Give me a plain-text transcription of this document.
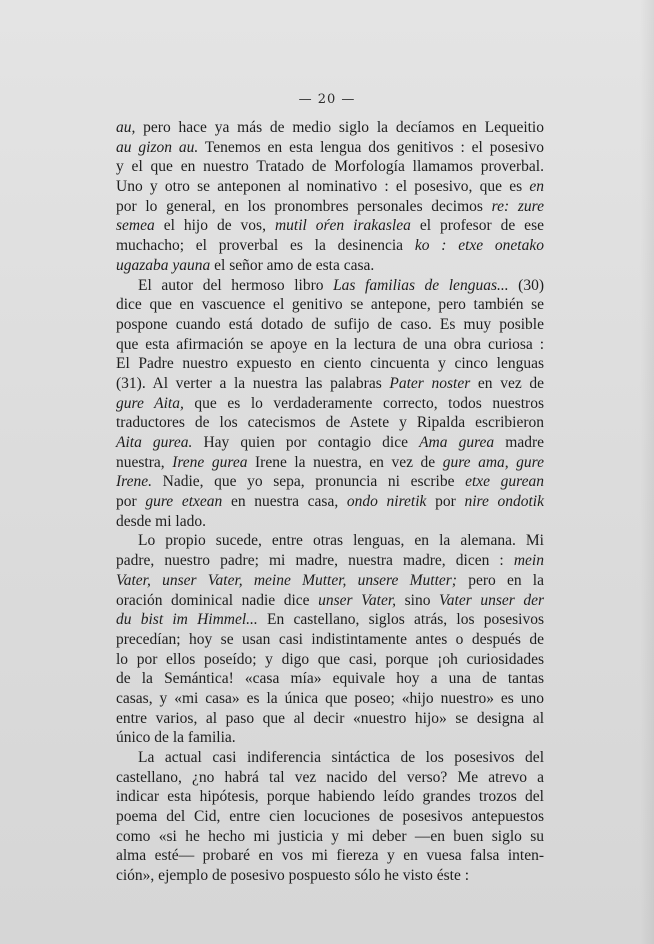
— 20 —
au, pero hace ya más de medio siglo la decíamos en Lequeitio
au gizon au. Tenemos en esta lengua dos genitivos : el posesivo
y el que en nuestro Tratado de Morfología llamamos proverbal.
Uno y otro se anteponen al nominativo : el posesivo, que es en
por lo general, en los pronombres personales decimos re: zure
semea el hijo de vos, mutil oŕen irakaslea el profesor de ese
muchacho; el proverbal es la desinencia ko : etxe onetako
ugazaba yauna el señor amo de esta casa.
El autor del hermoso libro Las familias de lenguas... (30)
dice que en vascuence el genitivo se antepone, pero también se
pospone cuando está dotado de sufijo de caso. Es muy posible
que esta afirmación se apoye en la lectura de una obra curiosa :
El Padre nuestro expuesto en ciento cincuenta y cinco lenguas
(31). Al verter a la nuestra las palabras Pater noster en vez de
gure Aita, que es lo verdaderamente correcto, todos nuestros
traductores de los catecismos de Astete y Ripalda escribieron
Aita gurea. Hay quien por contagio dice Ama gurea madre
nuestra, Irene gurea Irene la nuestra, en vez de gure ama, gure
Irene. Nadie, que yo sepa, pronuncia ni escribe etxe gurean
por gure etxean en nuestra casa, ondo niretik por nire ondotik
desde mi lado.
Lo propio sucede, entre otras lenguas, en la alemana. Mi
padre, nuestro padre; mi madre, nuestra madre, dicen : mein
Vater, unser Vater, meine Mutter, unsere Mutter; pero en la
oración dominical nadie dice unser Vater, sino Vater unser der
du bist im Himmel... En castellano, siglos atrás, los posesivos
precedían; hoy se usan casi indistintamente antes o después de
lo por ellos poseído; y digo que casi, porque ¡oh curiosidades
de la Semántica! «casa mía» equivale hoy a una de tantas
casas, y «mi casa» es la única que poseo; «hijo nuestro» es uno
entre varios, al paso que al decir «nuestro hijo» se designa al
único de la familia.
La actual casi indiferencia sintáctica de los posesivos del
castellano, ¿no habrá tal vez nacido del verso? Me atrevo a
indicar esta hipótesis, porque habiendo leído grandes trozos del
poema del Cid, entre cien locuciones de posesivos antepuestos
como «si he hecho mi justicia y mi deber —en buen siglo su
alma esté— probaré en vos mi fiereza y en vuesa falsa inten-
ción», ejemplo de posesivo pospuesto sólo he visto éste :
